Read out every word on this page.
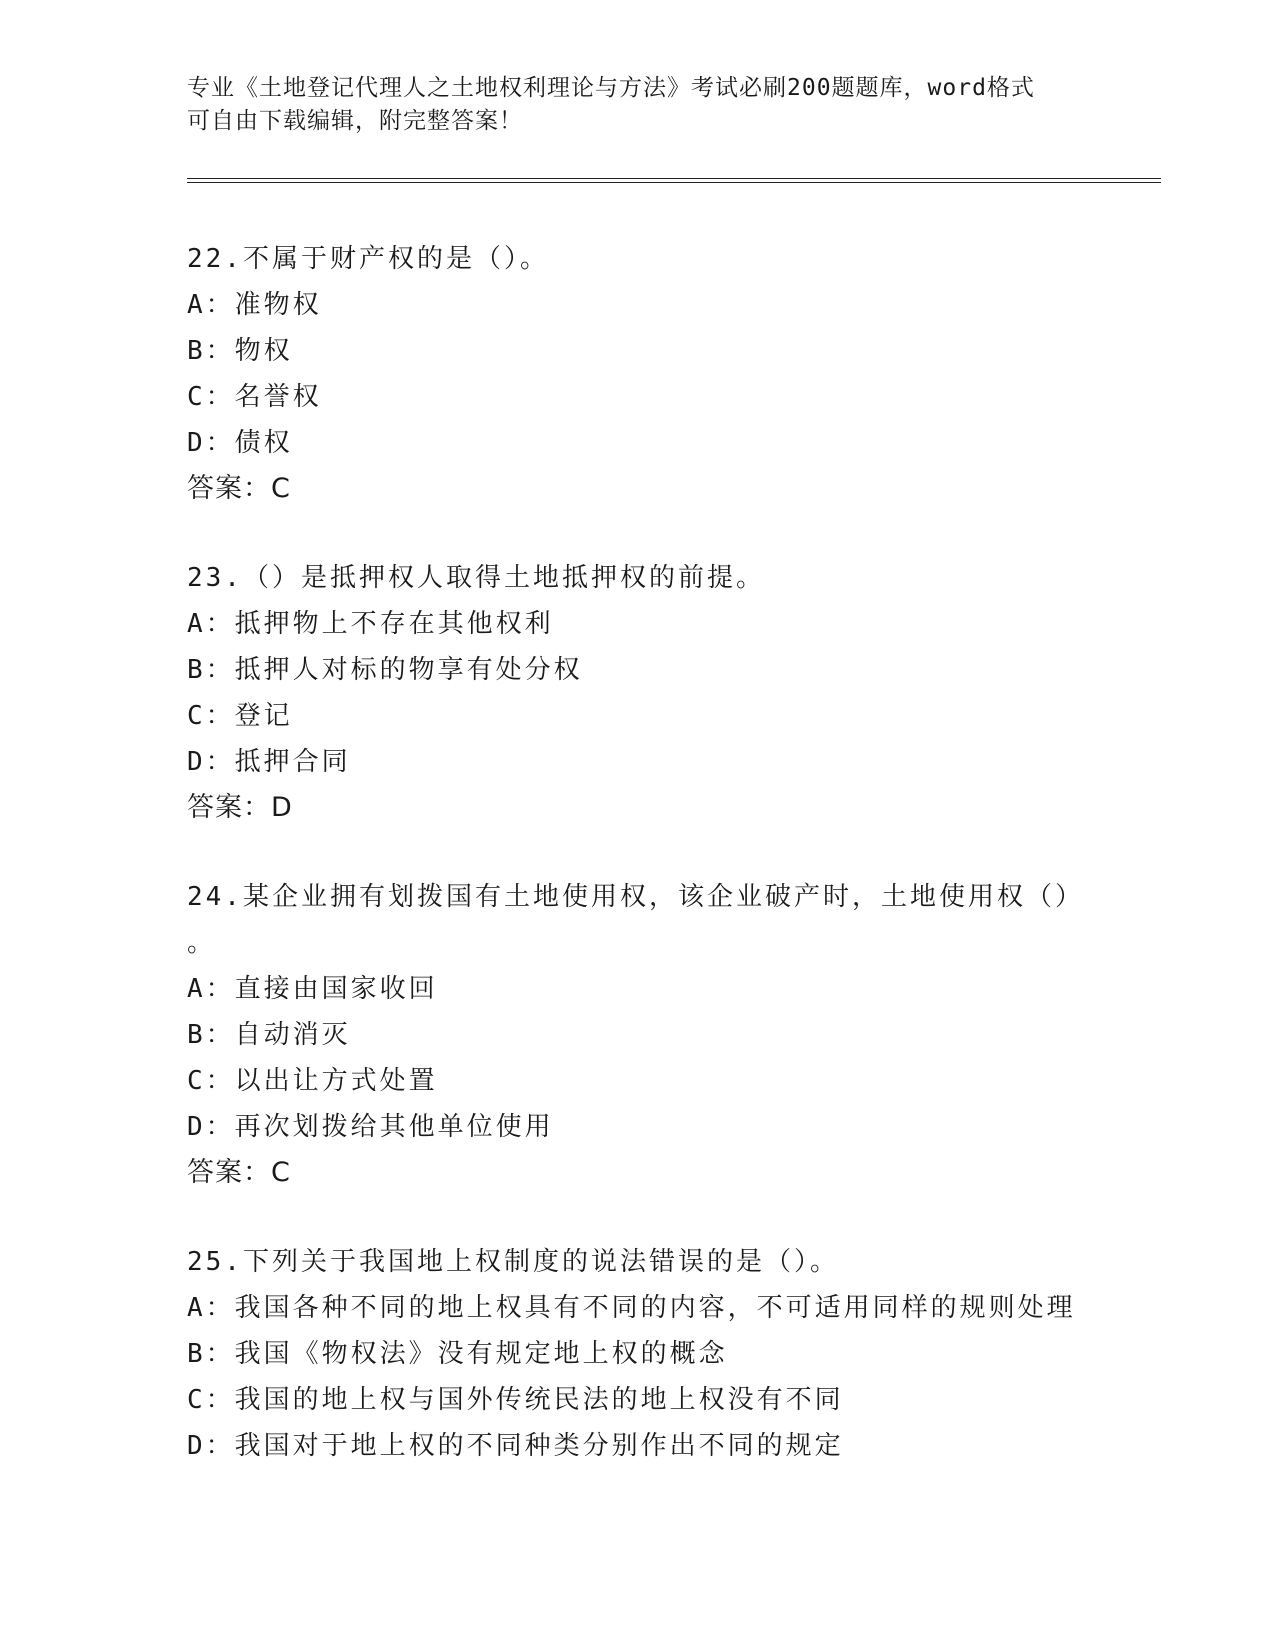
专业《土地登记代理人之土地权利理论与方法》考试必刷200题题库，word格式
可自由下载编辑，附完整答案！
22.不属于财产权的是（）。
A：准物权
B：物权
C：名誉权
D：债权
答案：C
23.（）是抵押权人取得土地抵押权的前提。
A：抵押物上不存在其他权利
B：抵押人对标的物享有处分权
C：登记
D：抵押合同
答案：D
24.某企业拥有划拨国有土地使用权，该企业破产时，土地使用权（）
。
A：直接由国家收回
B：自动消灭
C：以出让方式处置
D：再次划拨给其他单位使用
答案：C
25.下列关于我国地上权制度的说法错误的是（）。
A：我国各种不同的地上权具有不同的内容，不可适用同样的规则处理
B：我国《物权法》没有规定地上权的概念
C：我国的地上权与国外传统民法的地上权没有不同
D：我国对于地上权的不同种类分别作出不同的规定
